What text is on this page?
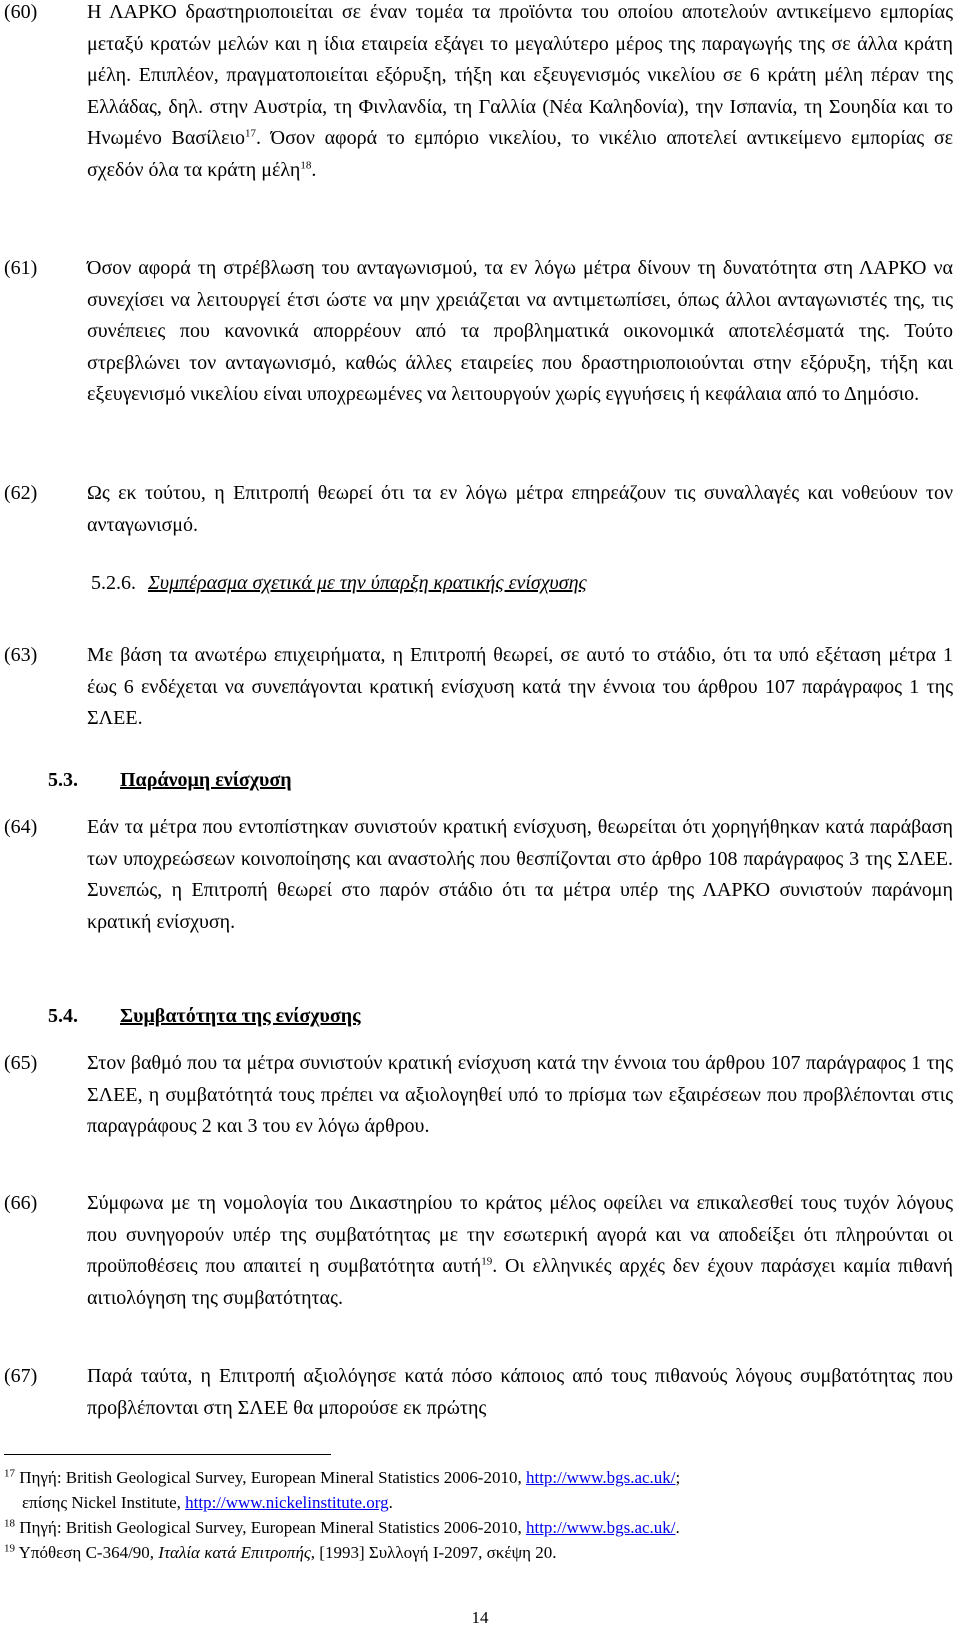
(60) Η ΛΑΡΚΟ δραστηριοποιείται σε έναν τομέα τα προϊόντα του οποίου αποτελούν αντικείμενο εμπορίας μεταξύ κρατών μελών και η ίδια εταιρεία εξάγει το μεγαλύτερο μέρος της παραγωγής της σε άλλα κράτη μέλη. Επιπλέον, πραγματοποιείται εξόρυξη, τήξη και εξευγενισμός νικελίου σε 6 κράτη μέλη πέραν της Ελλάδας, δηλ. στην Αυστρία, τη Φινλανδία, τη Γαλλία (Νέα Καληδονία), την Ισπανία, τη Σουηδία και το Ηνωμένο Βασίλειο$^{17}$. Όσον αφορά το εμπόριο νικελίου, το νικέλιο αποτελεί αντικείμενο εμπορίας σε σχεδόν όλα τα κράτη μέλη$^{18}$.
(61) Όσον αφορά τη στρέβλωση του ανταγωνισμού, τα εν λόγω μέτρα δίνουν τη δυνατότητα στη ΛΑΡΚΟ να συνεχίσει να λειτουργεί έτσι ώστε να μην χρειάζεται να αντιμετωπίσει, όπως άλλοι ανταγωνιστές της, τις συνέπειες που κανονικά απορρέουν από τα προβληματικά οικονομικά αποτελέσματά της. Τούτο στρεβλώνει τον ανταγωνισμό, καθώς άλλες εταιρείες που δραστηριοποιούνται στην εξόρυξη, τήξη και εξευγενισμό νικελίου είναι υποχρεωμένες να λειτουργούν χωρίς εγγυήσεις ή κεφάλαια από το Δημόσιο.
(62) Ως εκ τούτου, η Επιτροπή θεωρεί ότι τα εν λόγω μέτρα επηρεάζουν τις συναλλαγές και νοθεύουν τον ανταγωνισμό.
5.2.6. Συμπέρασμα σχετικά με την ύπαρξη κρατικής ενίσχυσης
(63) Με βάση τα ανωτέρω επιχειρήματα, η Επιτροπή θεωρεί, σε αυτό το στάδιο, ότι τα υπό εξέταση μέτρα 1 έως 6 ενδέχεται να συνεπάγονται κρατική ενίσχυση κατά την έννοια του άρθρου 107 παράγραφος 1 της ΣΛΕΕ.
5.3. Παράνομη ενίσχυση
(64) Εάν τα μέτρα που εντοπίστηκαν συνιστούν κρατική ενίσχυση, θεωρείται ότι χορηγήθηκαν κατά παράβαση των υποχρεώσεων κοινοποίησης και αναστολής που θεσπίζονται στο άρθρο 108 παράγραφος 3 της ΣΛΕΕ. Συνεπώς, η Επιτροπή θεωρεί στο παρόν στάδιο ότι τα μέτρα υπέρ της ΛΑΡΚΟ συνιστούν παράνομη κρατική ενίσχυση.
5.4. Συμβατότητα της ενίσχυσης
(65) Στον βαθμό που τα μέτρα συνιστούν κρατική ενίσχυση κατά την έννοια του άρθρου 107 παράγραφος 1 της ΣΛΕΕ, η συμβατότητά τους πρέπει να αξιολογηθεί υπό το πρίσμα των εξαιρέσεων που προβλέπονται στις παραγράφους 2 και 3 του εν λόγω άρθρου.
(66) Σύμφωνα με τη νομολογία του Δικαστηρίου το κράτος μέλος οφείλει να επικαλεσθεί τους τυχόν λόγους που συνηγορούν υπέρ της συμβατότητας με την εσωτερική αγορά και να αποδείξει ότι πληρούνται οι προϋποθέσεις που απαιτεί η συμβατότητα αυτή$^{19}$. Οι ελληνικές αρχές δεν έχουν παράσχει καμία πιθανή αιτιολόγηση της συμβατότητας.
(67) Παρά ταύτα, η Επιτροπή αξιολόγησε κατά πόσο κάποιος από τους πιθανούς λόγους συμβατότητας που προβλέπονται στη ΣΛΕΕ θα μπορούσε εκ πρώτης
$^{17}$ Πηγή: British Geological Survey, European Mineral Statistics 2006-2010, http://www.bgs.ac.uk/;
επίσης Nickel Institute, http://www.nickelinstitute.org.
$^{18}$ Πηγή: British Geological Survey, European Mineral Statistics 2006-2010, http://www.bgs.ac.uk/.
$^{19}$ Υπόθεση C-364/90, Ιταλία κατά Επιτροπής, [1993] Συλλογή I-2097, σκέψη 20.
14
